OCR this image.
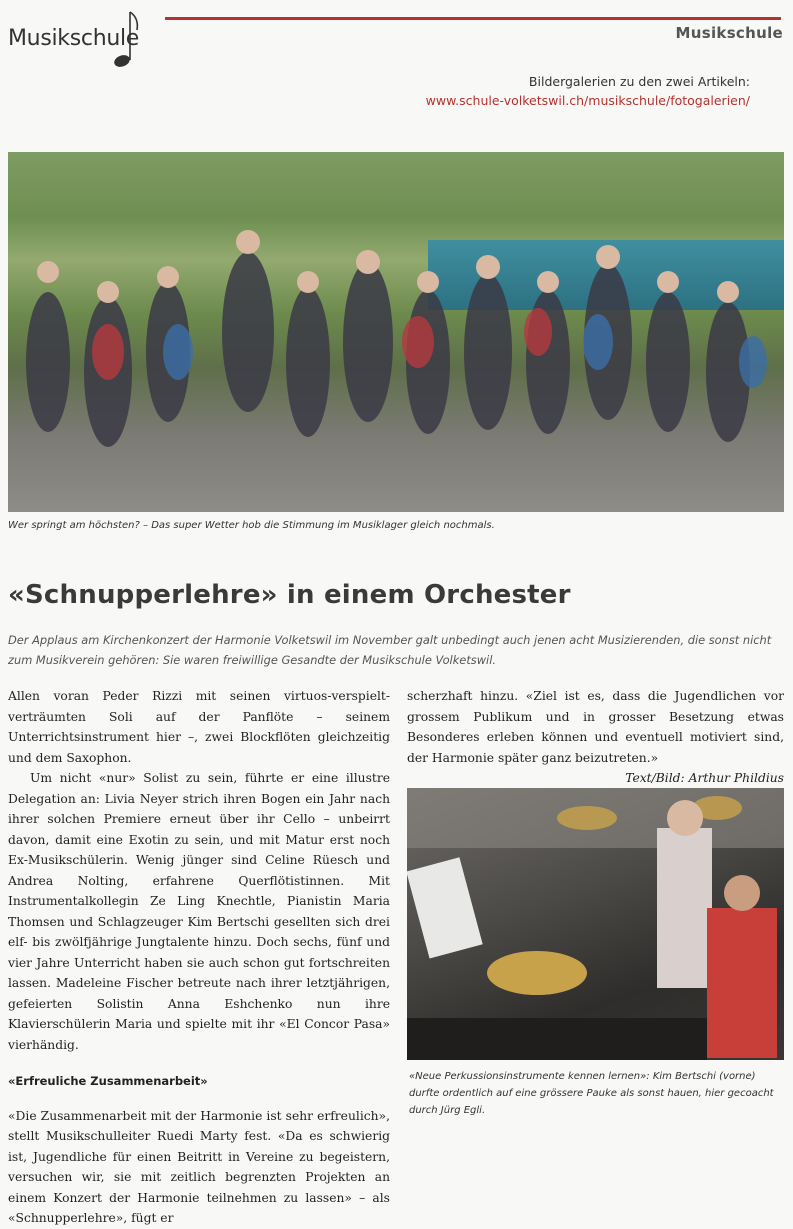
Musikschule	Musikschule
Bildergalerien zu den zwei Artikeln:
www.schule-volketswil.ch/musikschule/fotogalerien/
Wer springt am höchsten? – Das super Wetter hob die Stimmung im Musiklager gleich nochmals.
«Schnupperlehre» in einem Orchester
Der Applaus am Kirchenkonzert der Harmonie Volketswil im November galt unbedingt auch jenen acht Musizierenden, die sonst nicht zum Musikverein gehören: Sie waren freiwillige Gesandte der Musikschule Volketswil.

Allen voran Peder Rizzi mit seinen virtuos-verspielt-verträumten Soli auf der Panflöte – seinem Unterrichtsinstrument hier –, zwei Blockflöten gleichzeitig und dem Saxophon.

Um nicht «nur» Solist zu sein, führte er eine illustre Delegation an: Livia Neyer strich ihren Bogen ein Jahr nach ihrer solchen Premiere erneut über ihr Cello – unbeirrt davon, damit eine Exotin zu sein, und mit Matur erst noch Ex-Musikschülerin. Wenig jünger sind Celine Rüesch und Andrea Nolting, erfahrene Querflötistinnen. Mit Instrumentalkollegin Ze Ling Knechtle, Pianistin Maria Thomsen und Schlagzeuger Kim Bertschi gesellten sich drei elf- bis zwölfjährige Jungtalente hinzu. Doch sechs, fünf und vier Jahre Unterricht haben sie auch schon gut fortschreiten lassen. Madeleine Fischer betreute nach ihrer letztjährigen, gefeierten Solistin Anna Eshchenko nun ihre Klavierschülerin Maria und spielte mit ihr «El Concor Pasa» vierhändig.

«Erfreuliche Zusammenarbeit»

«Die Zusammenarbeit mit der Harmonie ist sehr erfreulich», stellt Musikschulleiter Ruedi Marty fest. «Da es schwierig ist, Jugendliche für einen Beitritt in Vereine zu begeistern, versuchen wir, sie mit zeitlich begrenzten Projekten an einem Konzert der Harmonie teilnehmen zu lassen» – als «Schnupperlehre», fügt er

scherzhaft hinzu. «Ziel ist es, dass die Jugendlichen vor grossem Publikum und in grosser Besetzung etwas Besonderes erleben können und eventuell motiviert sind, der Harmonie später ganz beizutreten.»

Text/Bild: Arthur Phildius

«Neue Perkussionsinstrumente kennen lernen»: Kim Bertschi (vorne) durfte ordentlich auf eine grössere Pauke als sonst hauen, hier gecoacht durch Jürg Egli.
